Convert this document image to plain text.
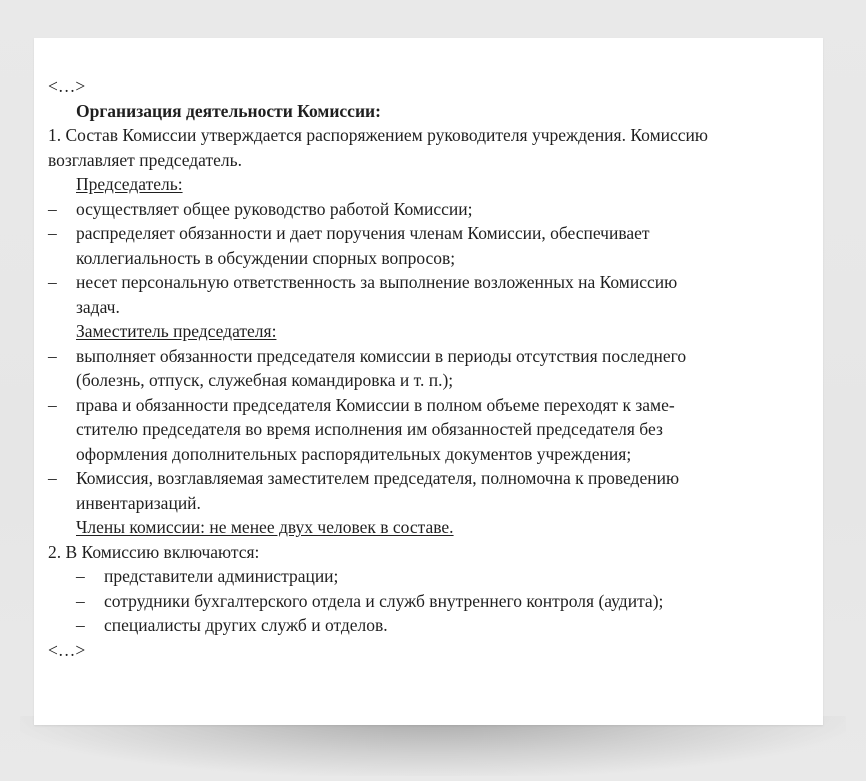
<…>
Организация деятельности Комиссии:
1. Состав Комиссии утверждается распоряжением руководителя учреждения. Комиссию
возглавляет председатель.
Председатель:
–	осуществляет общее руководство работой Комиссии;
–	распределяет обязанности и дает поручения членам Комиссии, обеспечивает
коллегиальность в обсуждении спорных вопросов;
–	несет персональную ответственность за выполнение возложенных на Комиссию
задач.
Заместитель председателя:
–	выполняет обязанности председателя комиссии в периоды отсутствия последнего
(болезнь, отпуск, служебная командировка и т. п.);
–	права и обязанности председателя Комиссии в полном объеме переходят к заме-
стителю председателя во время исполнения им обязанностей председателя без
оформления дополнительных распорядительных документов учреждения;
–	Комиссия, возглавляемая заместителем председателя, полномочна к проведению
инвентаризаций.
Члены комиссии: не менее двух человек в составе.
2. В Комиссию включаются:
–	представители администрации;
–	сотрудники бухгалтерского отдела и служб внутреннего контроля (аудита);
–	специалисты других служб и отделов.
<…>
